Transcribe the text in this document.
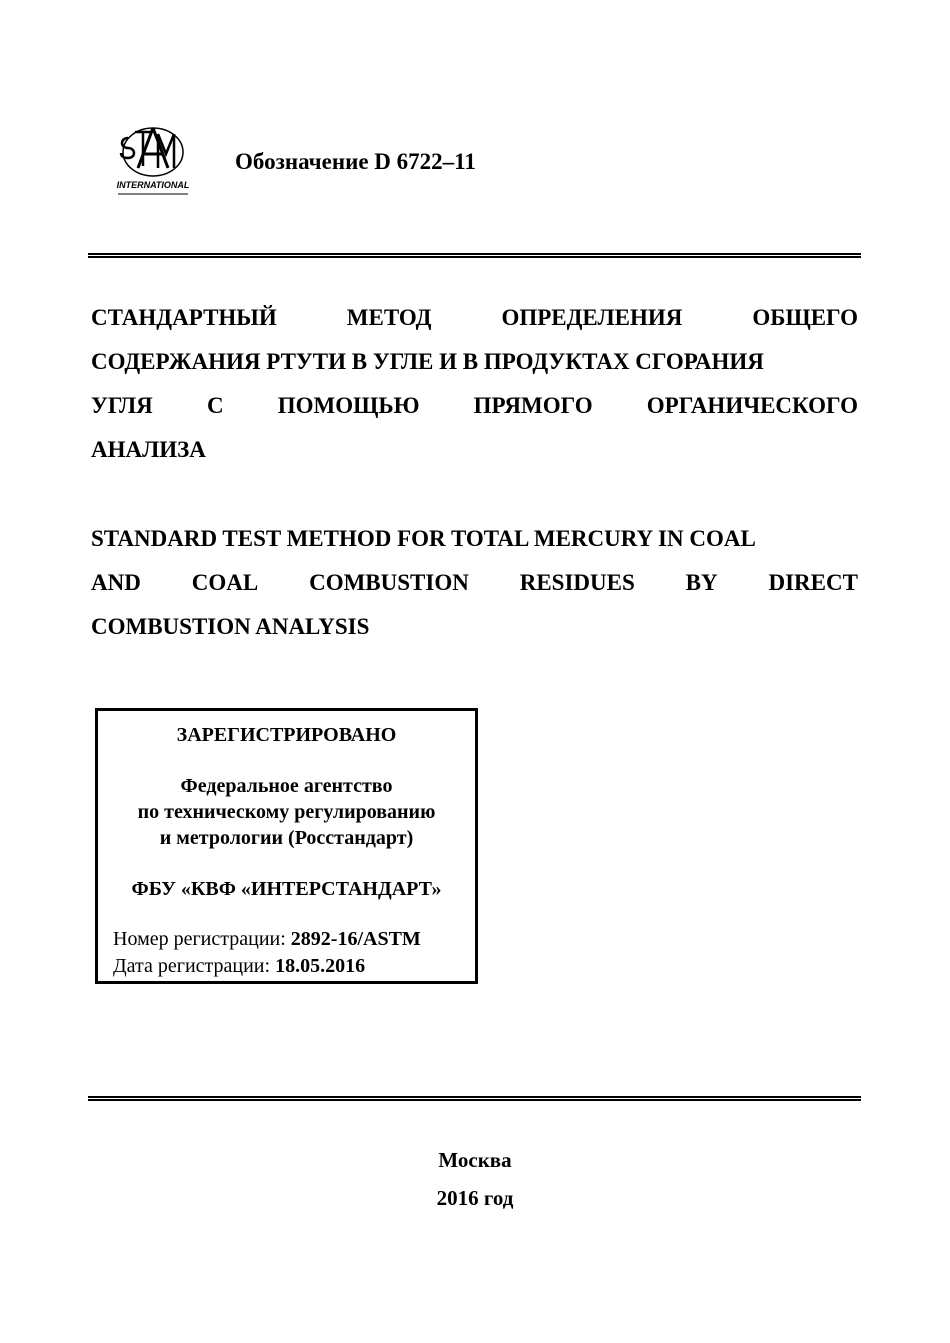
INTERNATIONAL
Обозначение D 6722–11
СТАНДАРТНЫЙ	МЕТОД	ОПРЕДЕЛЕНИЯ	ОБЩЕГО
СОДЕРЖАНИЯ РТУТИ В УГЛЕ И В ПРОДУКТАХ СГОРАНИЯ
УГЛЯ С ПОМОЩЬЮ ПРЯМОГО ОРГАНИЧЕСКОГО
АНАЛИЗА
STANDARD TEST METHOD FOR TOTAL MERCURY IN COAL
AND COAL COMBUSTION RESIDUES BY DIRECT
COMBUSTION ANALYSIS
ЗАРЕГИСТРИРОВАНО
Федеральное агентство
по техническому регулированию
и метрологии (Росстандарт)
ФБУ «КВФ «ИНТЕРСТАНДАРТ»
Номер регистрации: 2892-16/ASTM
Дата регистрации: 18.05.2016
Москва
2016 год
